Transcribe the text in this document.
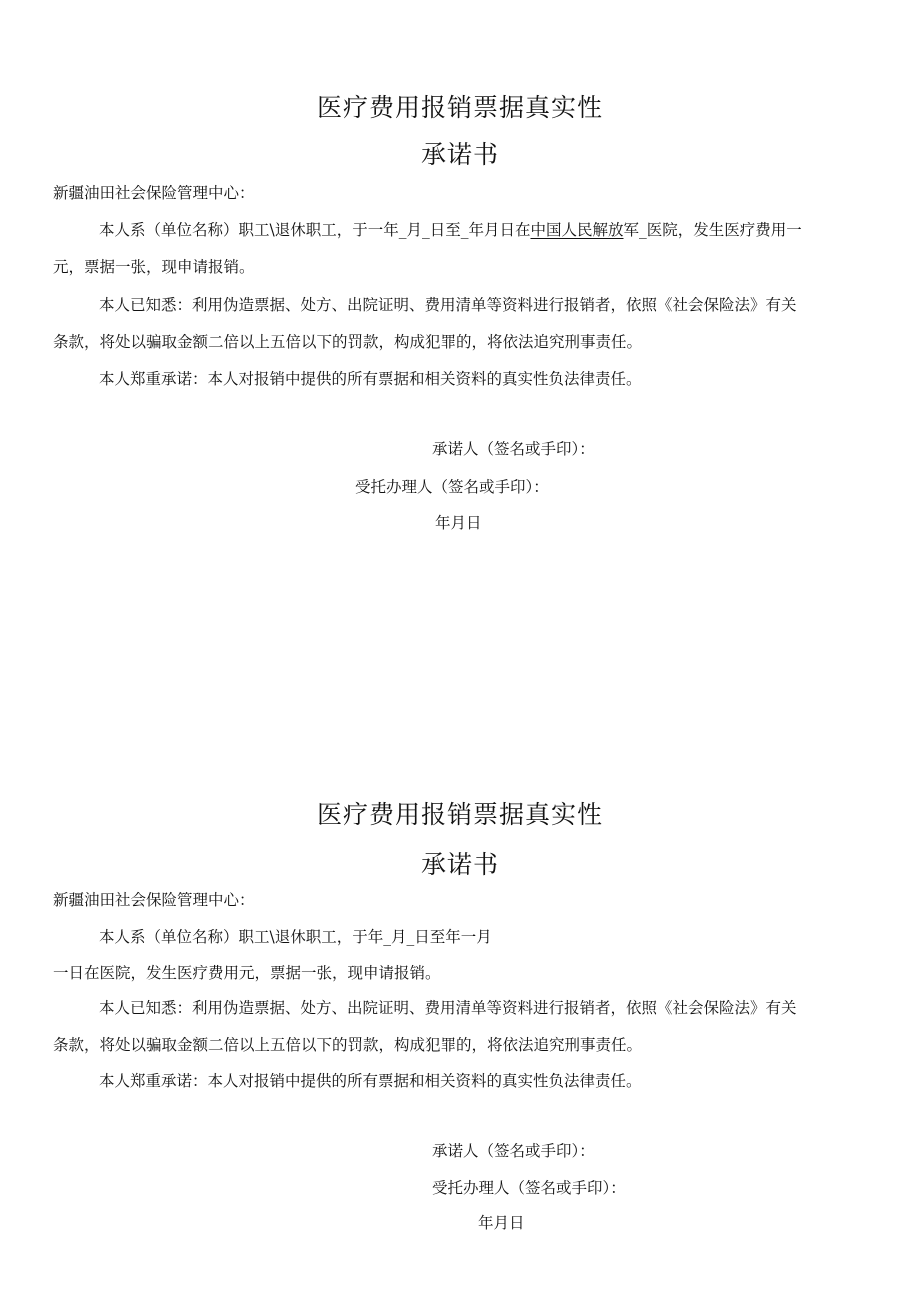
医疗费用报销票据真实性
承诺书
新疆油田社会保险管理中心：
本人系（单位名称）职工\退休职工，于一年_月_日至_年月日在中国人民解放军_医院，发生医疗费用一
元，票据一张，现申请报销。
本人已知悉：利用伪造票据、处方、出院证明、费用清单等资料进行报销者，依照《社会保险法》有关
条款，将处以骗取金额二倍以上五倍以下的罚款，构成犯罪的，将依法追究刑事责任。
本人郑重承诺：本人对报销中提供的所有票据和相关资料的真实性负法律责任。
承诺人（签名或手印）：
受托办理人（签名或手印）：
年月日
医疗费用报销票据真实性
承诺书
新疆油田社会保险管理中心：
本人系（单位名称）职工\退休职工，于年_月_日至年一月
一日在医院，发生医疗费用元，票据一张，现申请报销。
本人已知悉：利用伪造票据、处方、出院证明、费用清单等资料进行报销者，依照《社会保险法》有关
条款，将处以骗取金额二倍以上五倍以下的罚款，构成犯罪的，将依法追究刑事责任。
本人郑重承诺：本人对报销中提供的所有票据和相关资料的真实性负法律责任。
承诺人（签名或手印）：
受托办理人（签名或手印）：
年月日
